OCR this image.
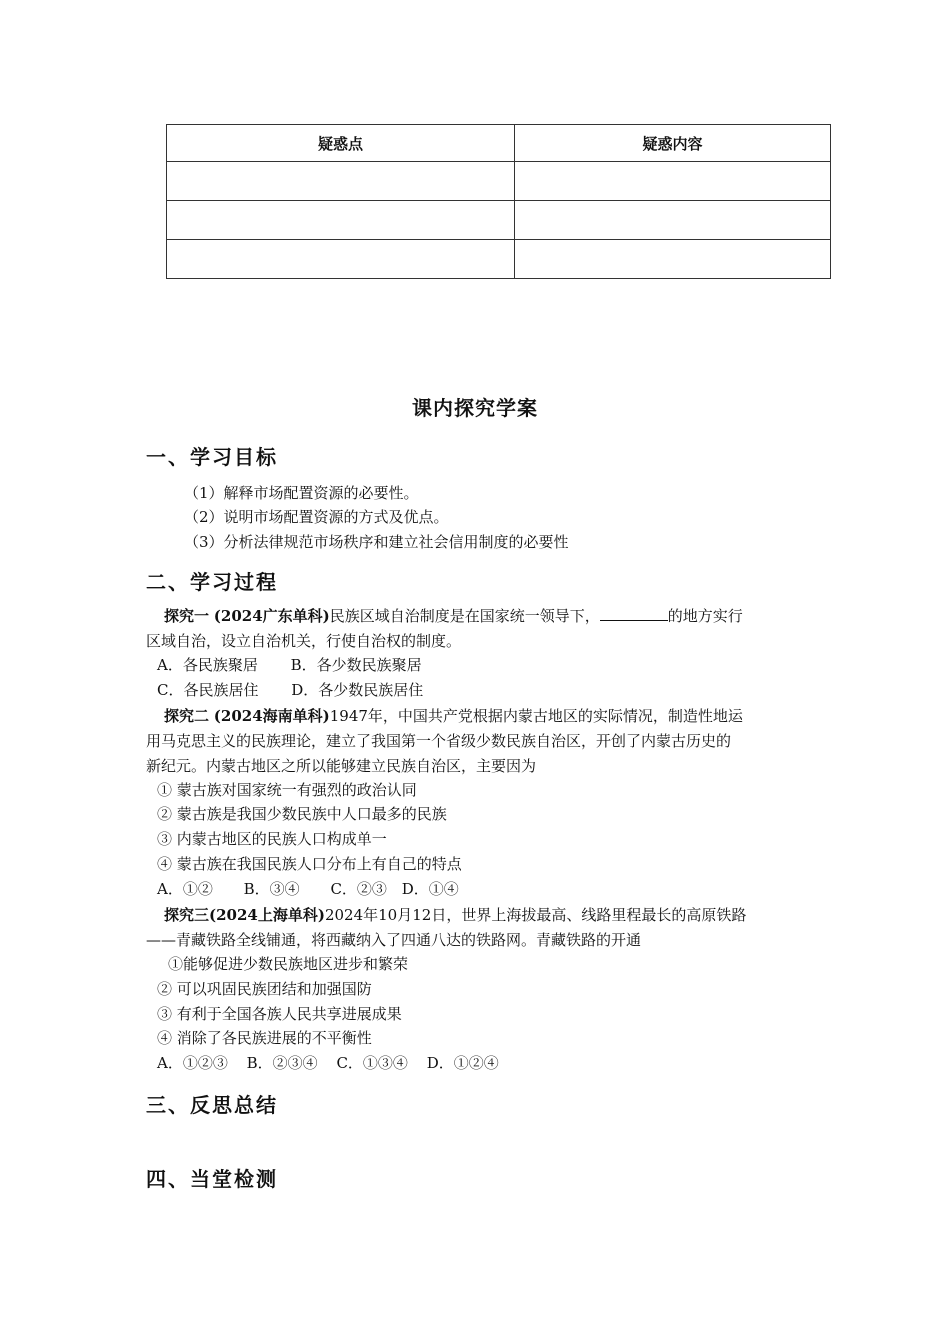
疑惑点	疑惑内容

课内探究学案
一、学习目标
（1）解释市场配置资源的必要性。
（2）说明市场配置资源的方式及优点。
（3）分析法律规范市场秩序和建立社会信用制度的必要性
二、学习过程
探究一 (2024广东单科)民族区域自治制度是在国家统一领导下，	的地方实行
区域自治，设立自治机关，行使自治权的制度。
A．各民族聚居 B．各少数民族聚居
C．各民族居住 D．各少数民族居住
探究二 (2024海南单科)1947年，中国共产党根据内蒙古地区的实际情况，制造性地运
用马克思主义的民族理论，建立了我国第一个省级少数民族自治区，开创了内蒙古历史的
新纪元。内蒙古地区之所以能够建立民族自治区，主要因为
① 蒙古族对国家统一有强烈的政治认同
② 蒙古族是我国少数民族中人口最多的民族
③ 内蒙古地区的民族人口构成单一
④ 蒙古族在我国民族人口分布上有自己的特点
A．①② B．③④ C．②③ D．①④
探究三(2024上海单科)2024年10月12日，世界上海拔最高、线路里程最长的高原铁路
——青藏铁路全线铺通，将西藏纳入了四通八达的铁路网。青藏铁路的开通
①能够促进少数民族地区进步和繁荣
② 可以巩固民族团结和加强国防
③ 有利于全国各族人民共享进展成果
④ 消除了各民族进展的不平衡性
A．①②③ B．②③④ C．①③④ D．①②④
三、反思总结
四、当堂检测
